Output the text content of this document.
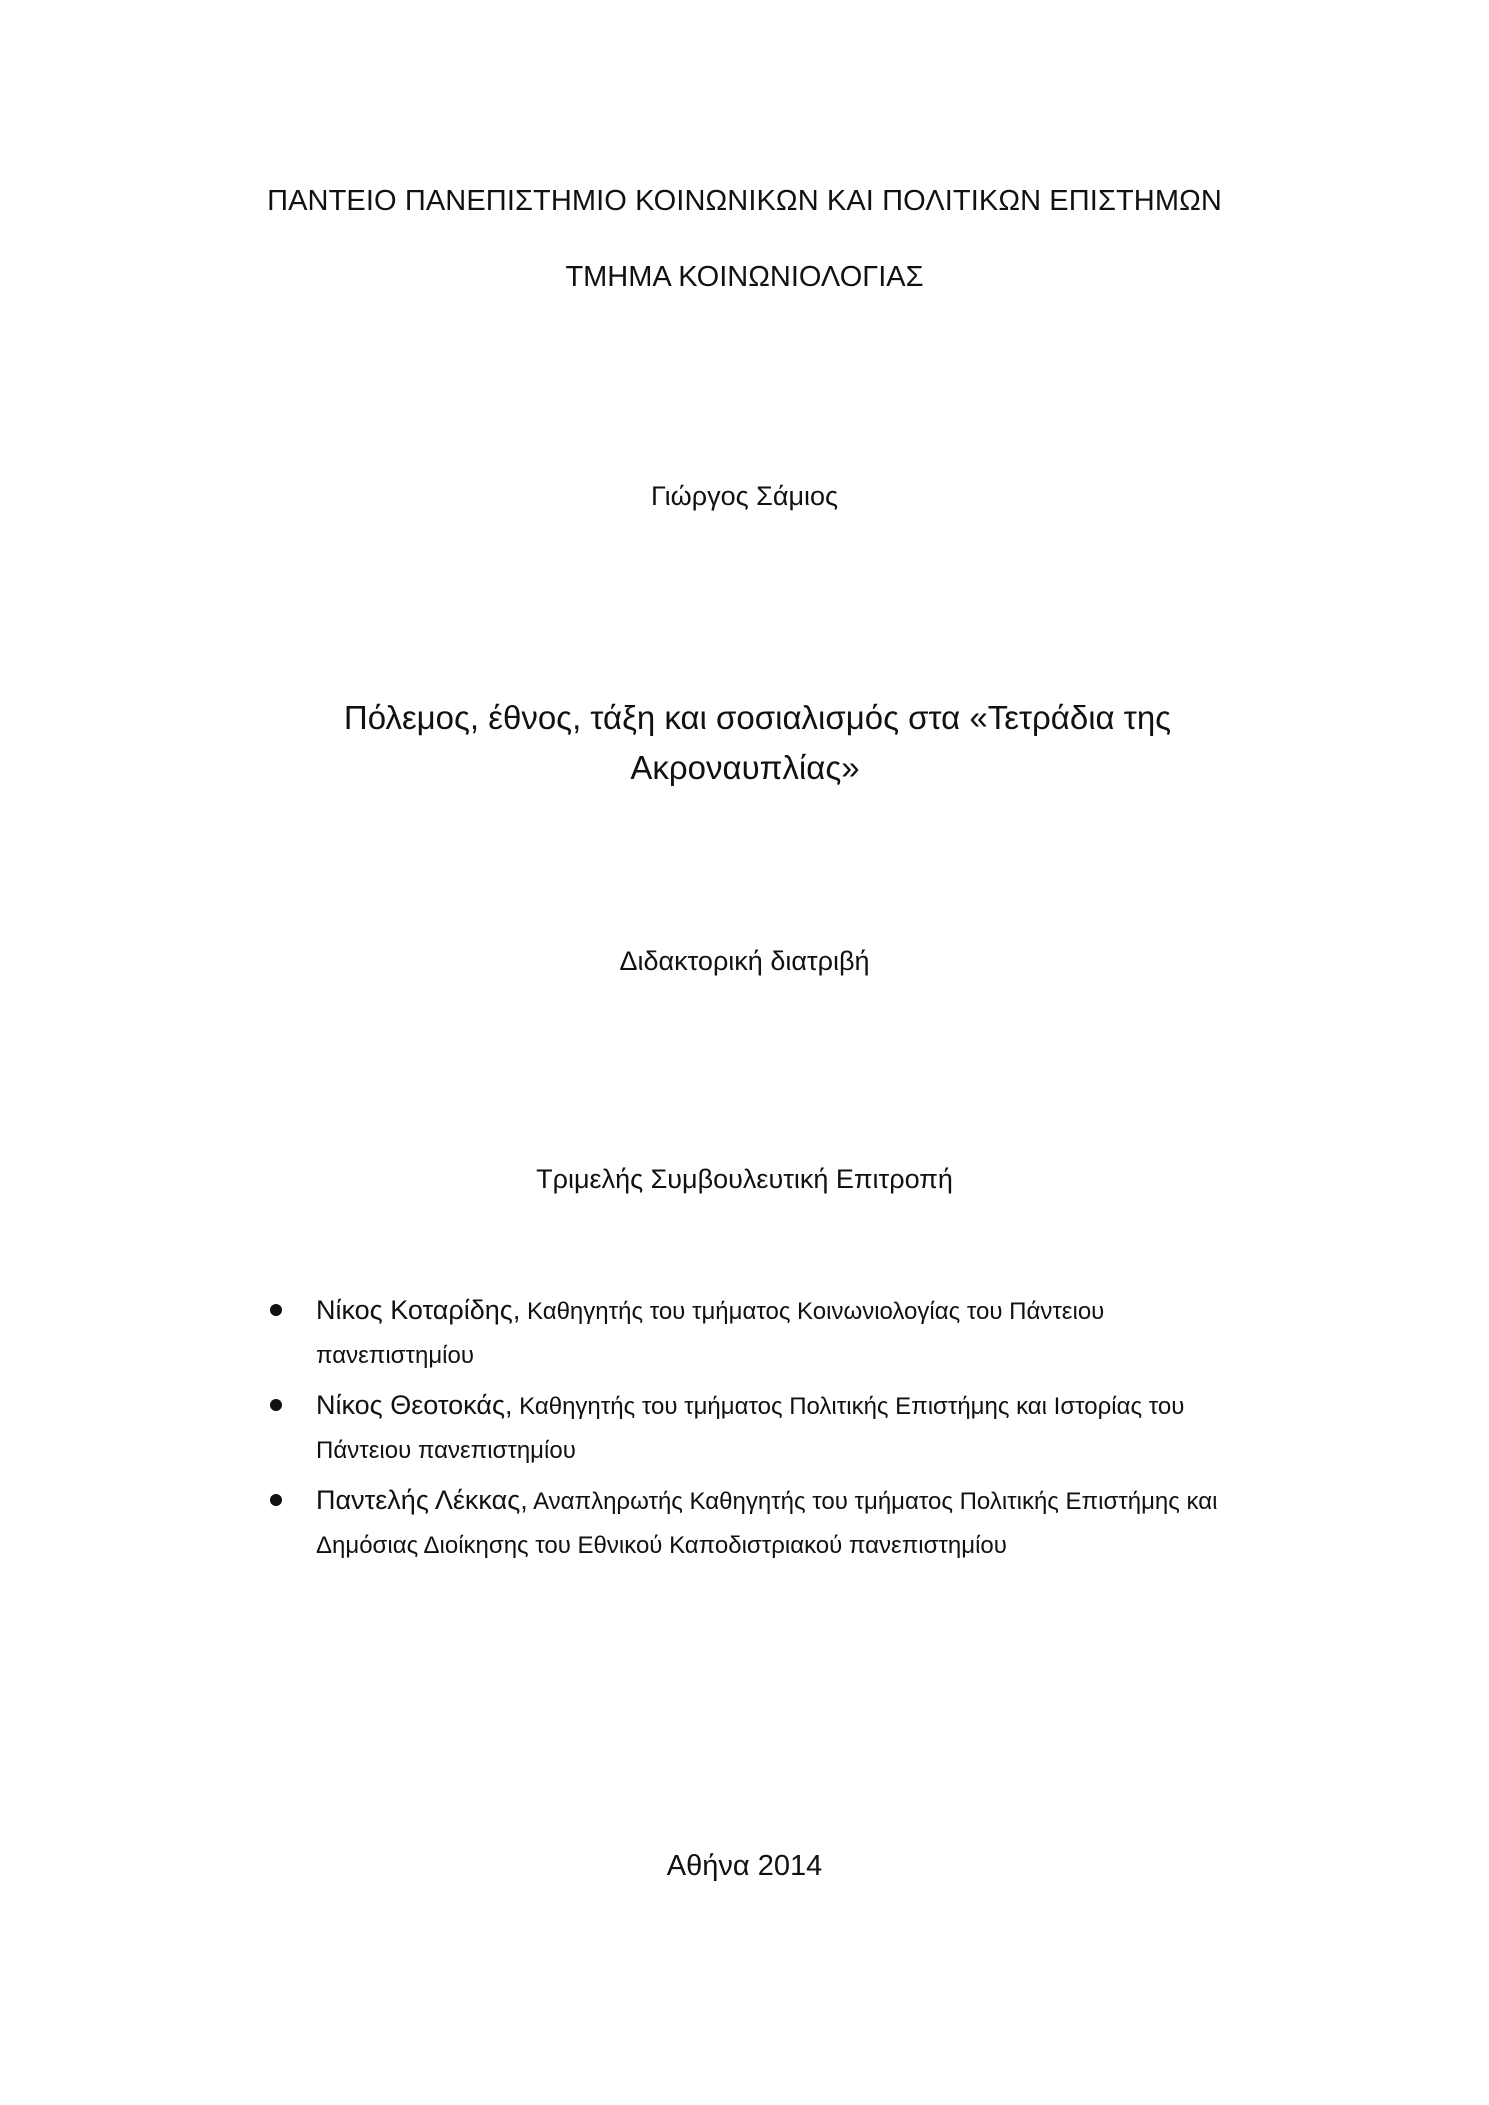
ΠΑΝΤΕΙΟ ΠΑΝΕΠΙΣΤΗΜΙΟ ΚΟΙΝΩΝΙΚΩΝ ΚΑΙ ΠΟΛΙΤΙΚΩΝ ΕΠΙΣΤΗΜΩΝ
ΤΜΗΜΑ ΚΟΙΝΩΝΙΟΛΟΓΙΑΣ
Γιώργος Σάμιος
Πόλεμος, έθνος, τάξη και σοσιαλισμός στα «Τετράδια της
Ακροναυπλίας»
Διδακτορική διατριβή
Τριμελής Συμβουλευτική Επιτροπή
Νίκος Κοταρίδης, Καθηγητής του τμήματος Κοινωνιολογίας του Πάντειου πανεπιστημίου
Νίκος Θεοτοκάς, Καθηγητής του τμήματος Πολιτικής Επιστήμης και Ιστορίας του Πάντειου πανεπιστημίου
Παντελής Λέκκας, Αναπληρωτής Καθηγητής του τμήματος Πολιτικής Επιστήμης και Δημόσιας Διοίκησης του Εθνικού Καποδιστριακού πανεπιστημίου
Αθήνα 2014
